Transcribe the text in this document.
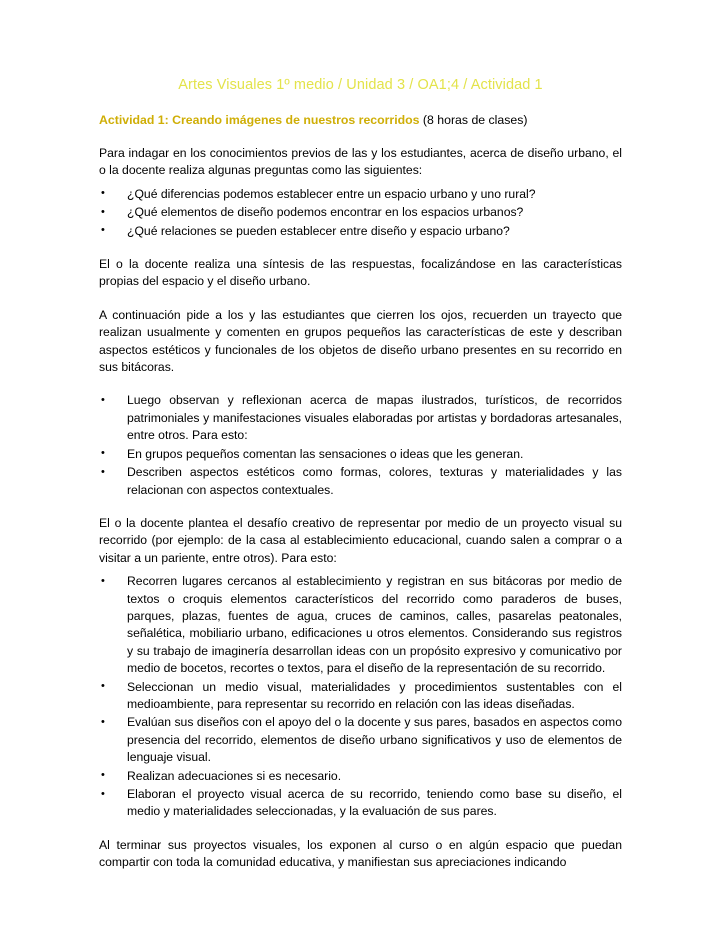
Artes Visuales 1º medio / Unidad 3 / OA1;4 / Actividad 1
Actividad 1: Creando imágenes de nuestros recorridos (8 horas de clases)

Para indagar en los conocimientos previos de las y los estudiantes, acerca de diseño urbano, el o la docente realiza algunas preguntas como las siguientes:

• ¿Qué diferencias podemos establecer entre un espacio urbano y uno rural?
• ¿Qué elementos de diseño podemos encontrar en los espacios urbanos?
• ¿Qué relaciones se pueden establecer entre diseño y espacio urbano?

El o la docente realiza una síntesis de las respuestas, focalizándose en las características propias del espacio y el diseño urbano.

A continuación pide a los y las estudiantes que cierren los ojos, recuerden un trayecto que realizan usualmente y comenten en grupos pequeños las características de este y describan aspectos estéticos y funcionales de los objetos de diseño urbano presentes en su recorrido en sus bitácoras.

• Luego observan y reflexionan acerca de mapas ilustrados, turísticos, de recorridos patrimoniales y manifestaciones visuales elaboradas por artistas y bordadoras artesanales, entre otros. Para esto:
• En grupos pequeños comentan las sensaciones o ideas que les generan.
• Describen aspectos estéticos como formas, colores, texturas y materialidades y las relacionan con aspectos contextuales.

El o la docente plantea el desafío creativo de representar por medio de un proyecto visual su recorrido (por ejemplo: de la casa al establecimiento educacional, cuando salen a comprar o a visitar a un pariente, entre otros). Para esto:

• Recorren lugares cercanos al establecimiento y registran en sus bitácoras por medio de textos o croquis elementos característicos del recorrido como paraderos de buses, parques, plazas, fuentes de agua, cruces de caminos, calles, pasarelas peatonales, señalética, mobiliario urbano, edificaciones u otros elementos. Considerando sus registros y su trabajo de imaginería desarrollan ideas con un propósito expresivo y comunicativo por medio de bocetos, recortes o textos, para el diseño de la representación de su recorrido.
• Seleccionan un medio visual, materialidades y procedimientos sustentables con el medioambiente, para representar su recorrido en relación con las ideas diseñadas.
• Evalúan sus diseños con el apoyo del o la docente y sus pares, basados en aspectos como presencia del recorrido, elementos de diseño urbano significativos y uso de elementos de lenguaje visual.
• Realizan adecuaciones si es necesario.
• Elaboran el proyecto visual acerca de su recorrido, teniendo como base su diseño, el medio y materialidades seleccionadas, y la evaluación de sus pares.

Al terminar sus proyectos visuales, los exponen al curso o en algún espacio que puedan compartir con toda la comunidad educativa, y manifiestan sus apreciaciones indicando
